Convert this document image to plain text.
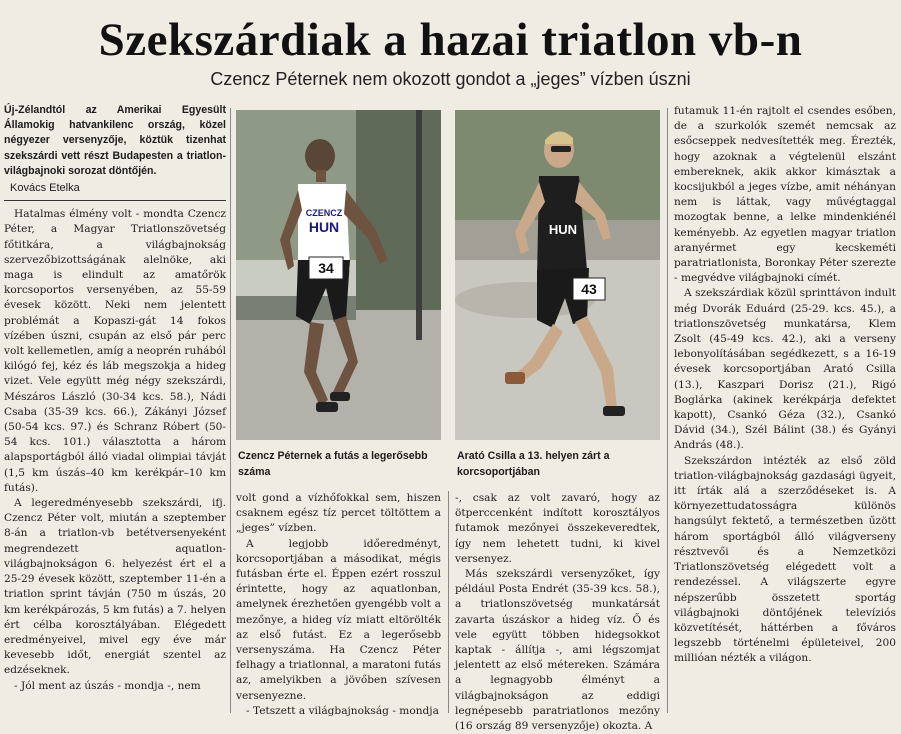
Szekszárdiak a hazai triatlon vb-n
Czencz Péternek nem okozott gondot a „jeges” vízben úszni
Új-Zélandtól az Amerikai Egyesült Államokig hatvankilenc ország, közel négyezer versenyzője, köztük tizenhat szekszárdi vett részt Budapesten a triatlon-világbajnoki sorozat döntőjén.
Kovács Etelka

Hatalmas élmény volt - mondta Czencz Péter, a Magyar Triatlonszövetség főtitkára, a világbajnokság szervezőbizottságának alelnöke, aki maga is elindult az amatőrök korcsoportos versenyében, az 55-59 évesek között. Neki nem jelentett problémát a Kopaszi-gát 14 fokos vízében úszni, csupán az első pár perc volt kellemetlen, amíg a neoprén ruhából kilógó fej, kéz és láb megszokja a hideg vizet. Vele együtt még négy szekszárdi, Mészáros László (30-34 kcs. 58.), Nádi Csaba (35-39 kcs. 66.), Zákányi József (50-54 kcs. 97.) és Schranz Róbert (50-54 kcs. 101.) választotta a három alapsportágból álló viadal olimpiai távját (1,5 km úszás–40 km kerékpár–10 km futás).

A legeredményesebb szekszárdi, ifj. Czencz Péter volt, miután a szeptember 8-án a triatlon-vb betétversenyeként megrendezett aquatlon-világbajnokságon 6. helyezést ért el a 25-29 évesek között, szeptember 11-én a triatlon sprint távján (750 m úszás, 20 km kerékpározás, 5 km futás) a 7. helyen ért célba korosztályában. Elégedett eredményeivel, mivel egy éve már kevesebb időt, energiát szentel az edzéseknek.

- Jól ment az úszás - mondja -, nem

34
CZENCZ
HUN
Czencz Péternek a futás a legerősebb száma
43
HUN
Arató Csilla a 13. helyen zárt a korcsoportjában

volt gond a vízhőfokkal sem, hiszen csaknem egész tíz percet töltöttem a „jeges” vízben.

A legjobb időeredményt, korcsoportjában a másodikat, mégis futásban érte el. Éppen ezért rosszul érintette, hogy az aquatlonban, amelynek érezhetően gyengébb volt a mezőnye, a hideg víz miatt eltörölték az első futást. Ez a legerősebb versenyszáma. Ha Czencz Péter felhagy a triatlonnal, a maratoni futás az, amelyikben a jövőben szívesen versenyezne.

- Tetszett a világbajnokság - mondja

-, csak az volt zavaró, hogy az ötperccenként indított korosztályos futamok mezőnyei összekeveredtek, így nem lehetett tudni, ki kivel versenyez.

Más szekszárdi versenyzőket, így például Posta Endrét (35-39 kcs. 58.), a triatlonszövetség munkatársát zavarta úszáskor a hideg víz. Ő és vele együtt többen hidegsokkot kaptak - állítja -, ami légszomjat jelentett az első métereken. Számára a legnagyobb élményt a világbajnokságon az eddigi legnépesebb paratriatlonos mezőny (16 ország 89 versenyzője) okozta. A

futamuk 11-én rajtolt el csendes esőben, de a szurkolók szemét nemcsak az esőcseppek nedvesítették meg. Érezték, hogy azoknak a végtelenül elszánt embereknek, akik akkor kimásztak a kocsijukból a jeges vízbe, amit néhányan nem is láttak, vagy művégtaggal mozogtak benne, a lelke mindenkiénél keményebb. Az egyetlen magyar triatlon aranyérmet egy kecskeméti paratriatlonista, Boronkay Péter szerezte - megvédve világbajnoki címét.

A szekszárdiak közül sprinttávon indult még Dvorák Eduárd (25-29. kcs. 45.), a triatlonszövetség munkatársa, Klem Zsolt (45-49 kcs. 42.), aki a verseny lebonyolításában segédkezett, s a 16-19 évesek korcsoportjában Arató Csilla (13.), Kaszpari Dorisz (21.), Rigó Boglárka (akinek kerékpárja defektet kapott), Csankó Géza (32.), Csankó Dávid (34.), Szél Bálint (38.) és Gyányi András (48.).

Szekszárdon intézték az első zöld triatlon-világbajnokság gazdasági ügyeit, itt írták alá a szerződéseket is. A környezettudatosságra különös hangsúlyt fektető, a természetben űzött három sportágból álló világverseny résztvevői és a Nemzetközi Triatlonszövetség elégedett volt a rendezéssel. A világszerte egyre népszerűbb összetett sportág világbajnoki döntőjének televíziós közvetítését, háttérben a főváros legszebb történelmi épületeivel, 200 millióan nézték a világon.
